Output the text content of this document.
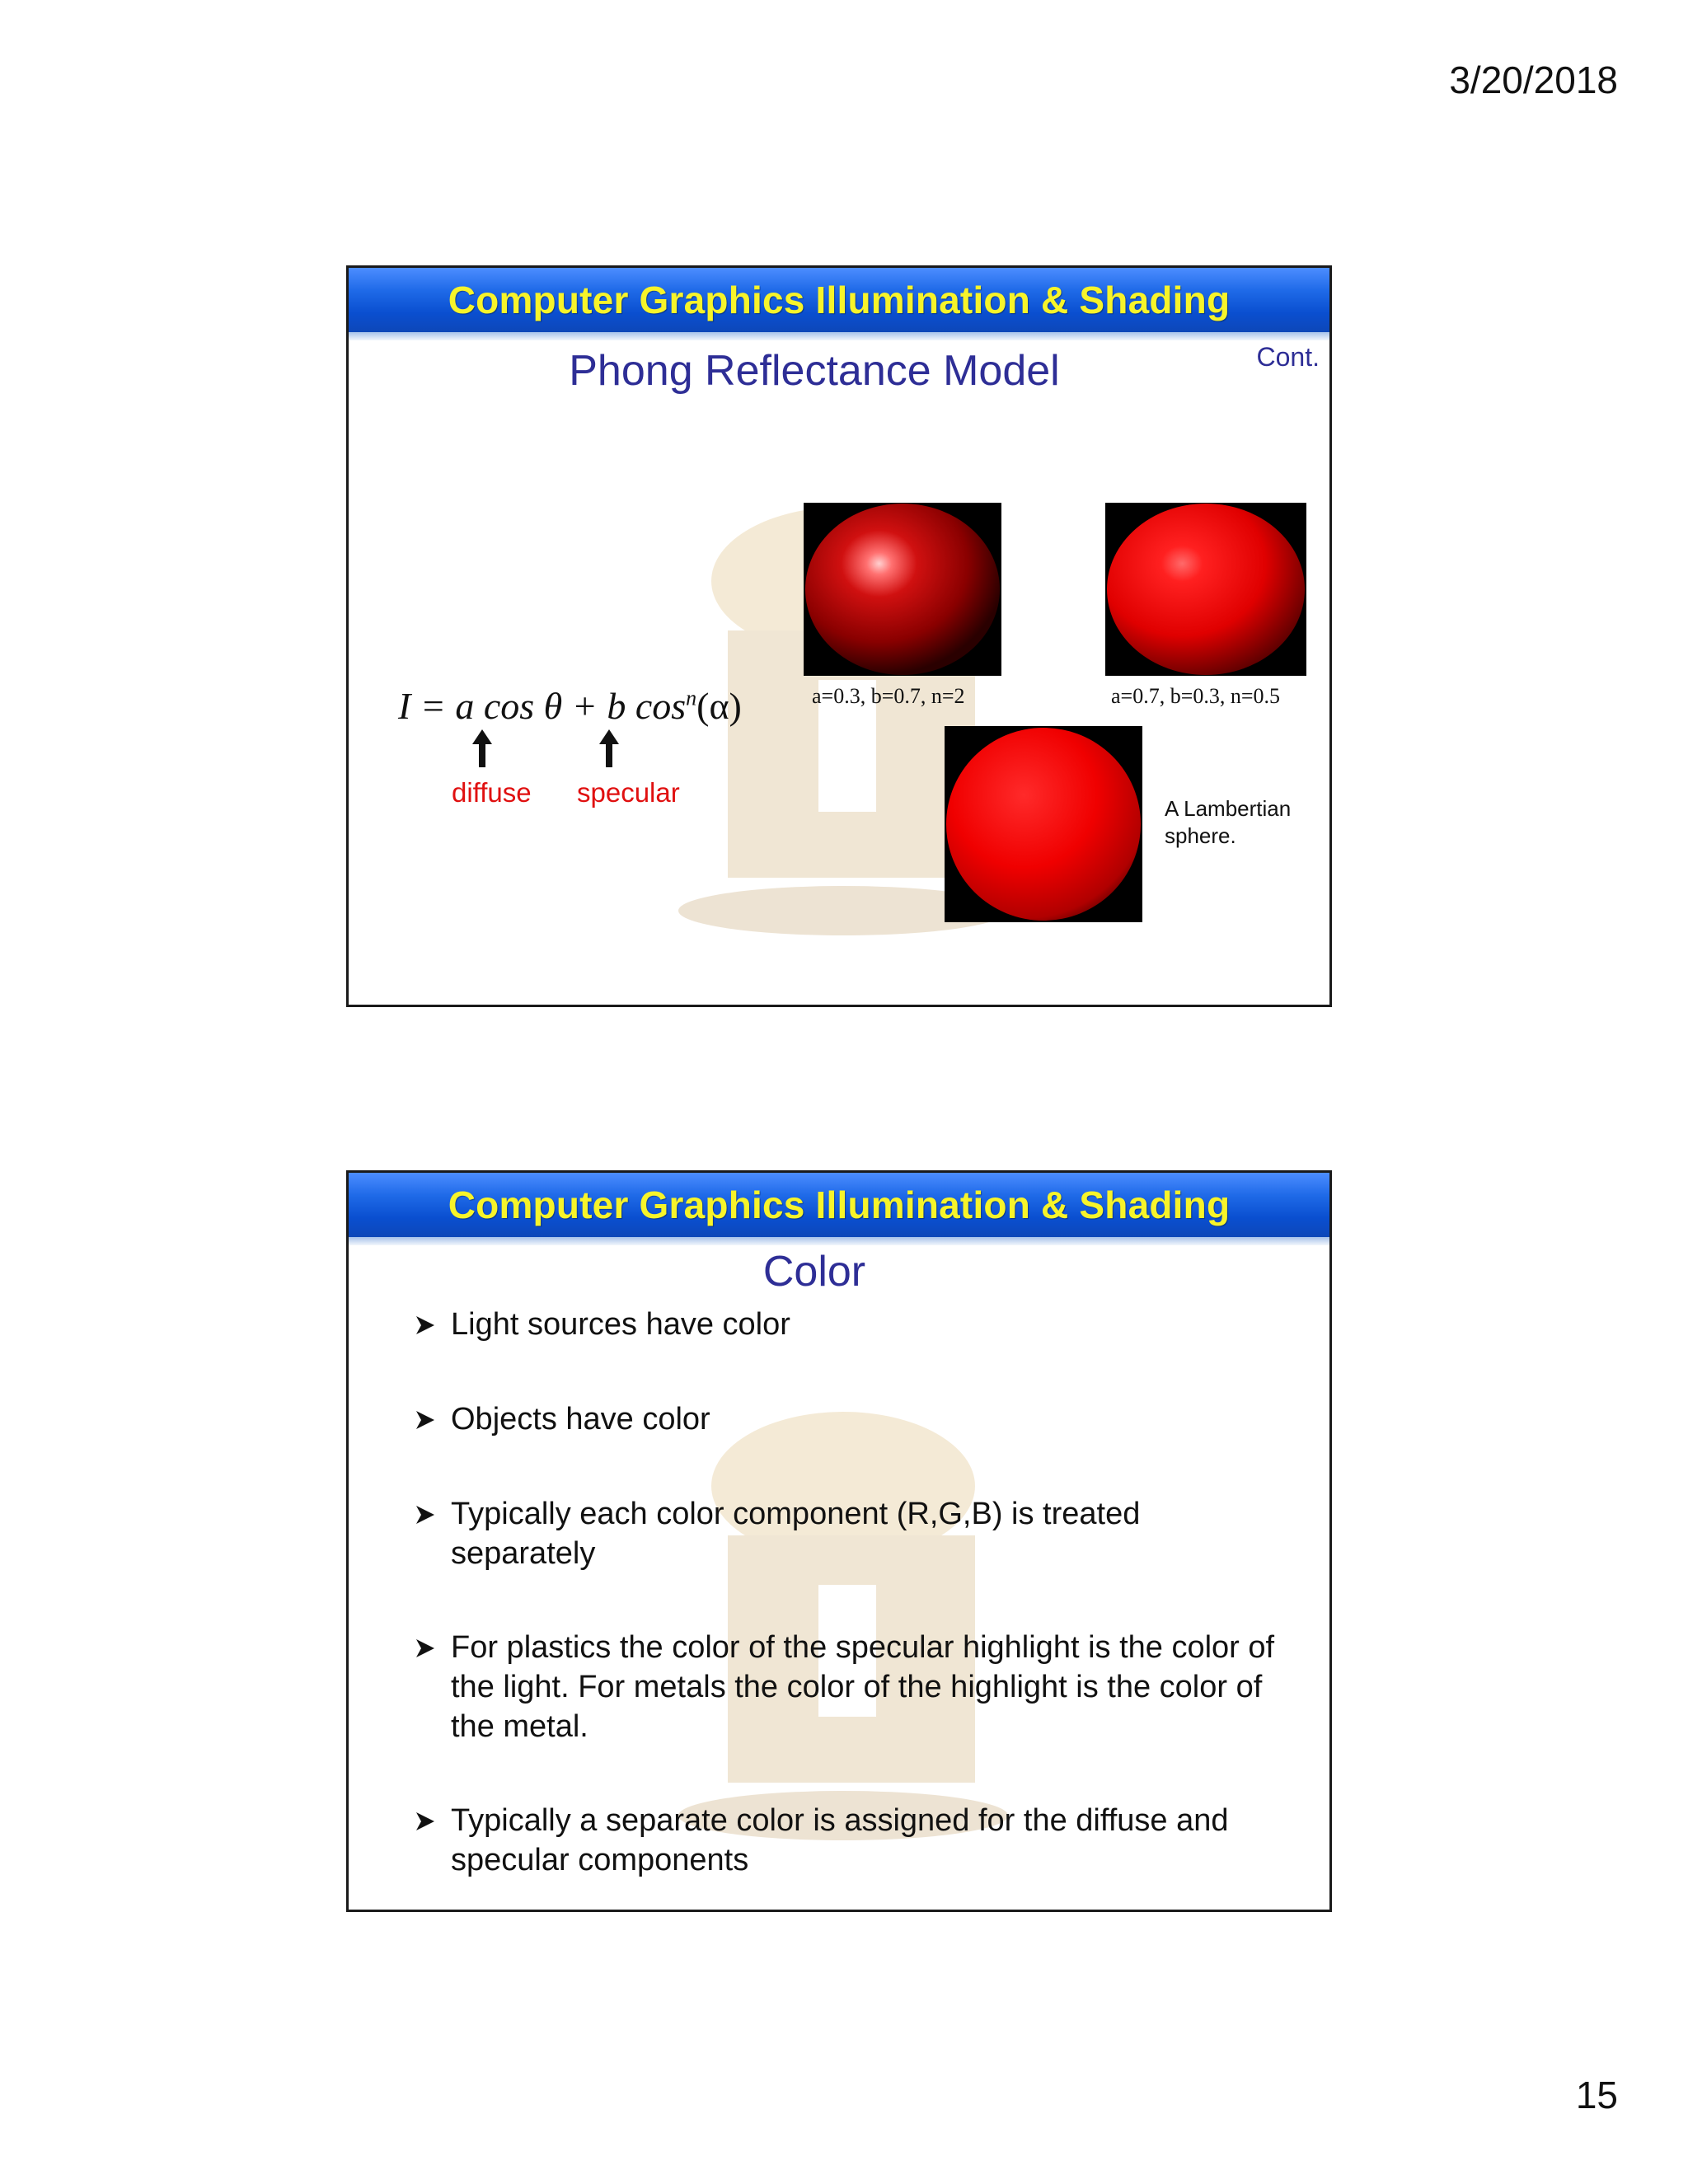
3/20/2018
Computer Graphics Illumination & Shading
Phong Reflectance Model	Cont.
a=0.3, b=0.7, n=2	a=0.7, b=0.3, n=0.5
A Lambertian sphere.
I = a cos θ + b $\cos^n(\alpha)$
diffuse specular
Computer Graphics Illumination & Shading
Color
Light sources have color
Objects have color
Typically each color component (R,G,B) is treated separately
For plastics the color of the specular highlight is the color of the light. For metals the color of the highlight is the color of the metal.
Typically a separate color is assigned for the diffuse and specular components
15
